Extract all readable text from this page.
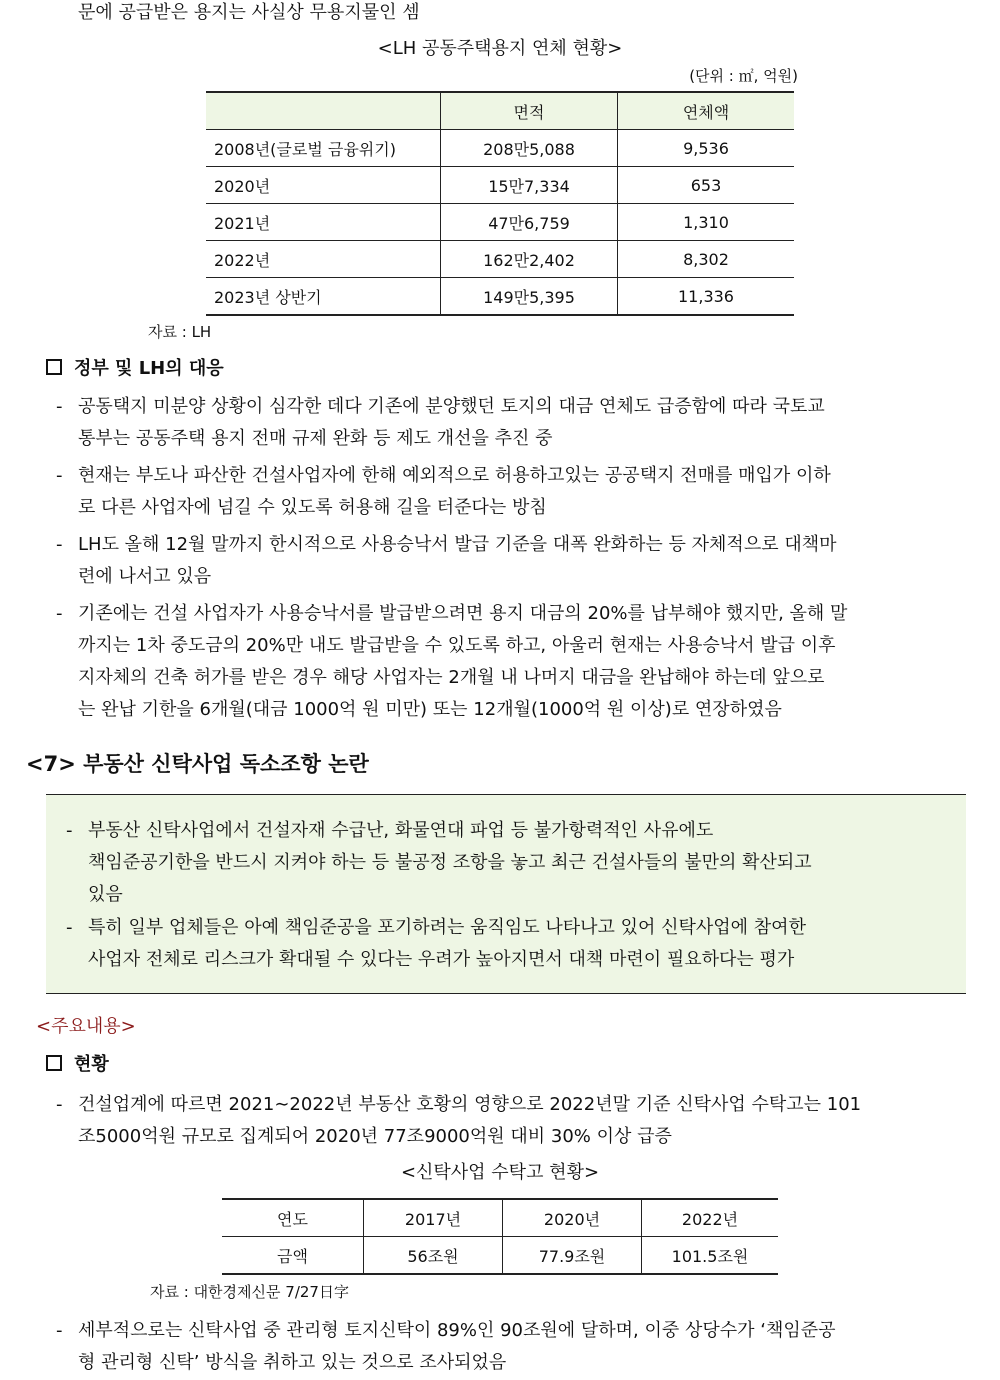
문에 공급받은 용지는 사실상 무용지물인 셈
<LH 공동주택용지 연체 현황>
(단위 : ㎡, 억원)
	면적	연체액
2008년(글로벌 금융위기)	208만5,088	9,536
2020년	15만7,334	653
2021년	47만6,759	1,310
2022년	162만2,402	8,302
2023년 상반기	149만5,395	11,336
자료 : LH
정부 및 LH의 대응
- 공동택지 미분양 상황이 심각한 데다 기존에 분양했던 토지의 대금 연체도 급증함에 따라 국토교
통부는 공동주택 용지 전매 규제 완화 등 제도 개선을 추진 중
- 현재는 부도나 파산한 건설사업자에 한해 예외적으로 허용하고있는 공공택지 전매를 매입가 이하
로 다른 사업자에 넘길 수 있도록 허용해 길을 터준다는 방침
- LH도 올해 12월 말까지 한시적으로 사용승낙서 발급 기준을 대폭 완화하는 등 자체적으로 대책마
련에 나서고 있음
- 기존에는 건설 사업자가 사용승낙서를 발급받으려면 용지 대금의 20%를 납부해야 했지만, 올해 말
까지는 1차 중도금의 20%만 내도 발급받을 수 있도록 하고, 아울러 현재는 사용승낙서 발급 이후
지자체의 건축 허가를 받은 경우 해당 사업자는 2개월 내 나머지 대금을 완납해야 하는데 앞으로
는 완납 기한을 6개월(대금 1000억 원 미만) 또는 12개월(1000억 원 이상)로 연장하였음
<7> 부동산 신탁사업 독소조항 논란
- 부동산 신탁사업에서 건설자재 수급난, 화물연대 파업 등 불가항력적인 사유에도
책임준공기한을 반드시 지켜야 하는 등 불공정 조항을 놓고 최근 건설사들의 불만의 확산되고
있음
- 특히 일부 업체들은 아예 책임준공을 포기하려는 움직임도 나타나고 있어 신탁사업에 참여한
사업자 전체로 리스크가 확대될 수 있다는 우려가 높아지면서 대책 마련이 필요하다는 평가
<주요내용>
현황
- 건설업계에 따르면 2021∼2022년 부동산 호황의 영향으로 2022년말 기준 신탁사업 수탁고는 101
조5000억원 규모로 집계되어 2020년 77조9000억원 대비 30% 이상 급증
<신탁사업 수탁고 현황>
연도	2017년	2020년	2022년
금액	56조원	77.9조원	101.5조원
자료 : 대한경제신문 7/27日字
- 세부적으로는 신탁사업 중 관리형 토지신탁이 89%인 90조원에 달하며, 이중 상당수가 ‘책임준공
형 관리형 신탁’ 방식을 취하고 있는 것으로 조사되었음
